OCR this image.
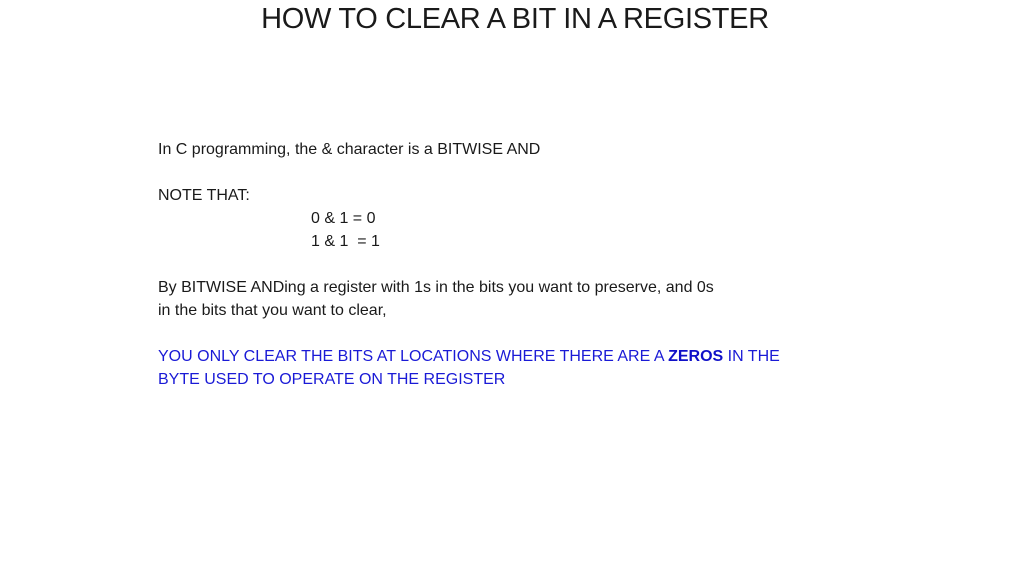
HOW TO CLEAR A BIT IN A REGISTER
In C programming, the & character is a BITWISE AND
NOTE THAT:
0 & 1 = 0
1 & 1  = 1
By BITWISE ANDing a register with 1s in the bits you want to preserve, and 0s
in the bits that you want to clear,
YOU ONLY CLEAR THE BITS AT LOCATIONS WHERE THERE ARE A ZEROS IN THE
BYTE USED TO OPERATE ON THE REGISTER
